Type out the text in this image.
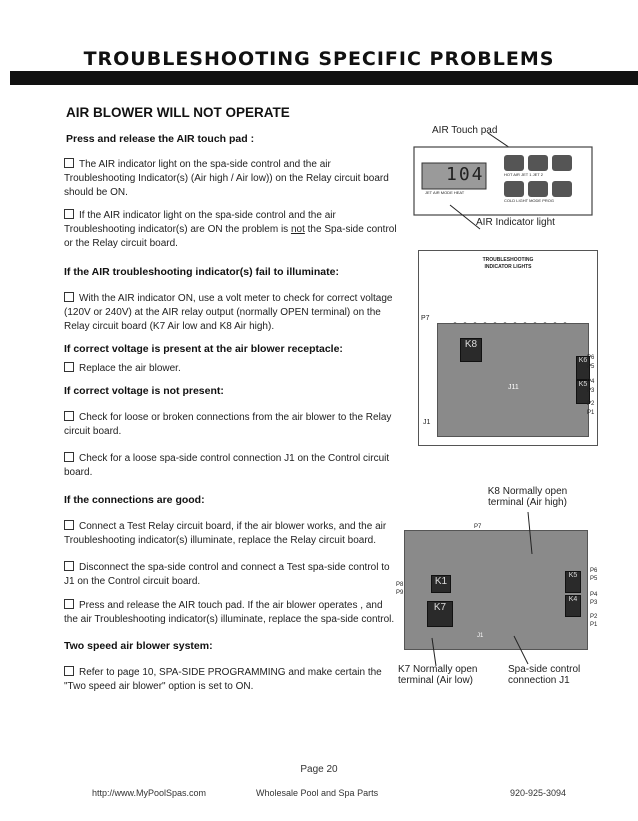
TROUBLESHOOTING SPECIFIC PROBLEMS
AIR BLOWER WILL NOT OPERATE
Press and release the AIR touch pad :
The AIR indicator light on the spa-side control and the air Troubleshooting Indicator(s) (Air high / Air low)) on the Relay circuit board should be ON.
If the AIR indicator light on the spa-side control and the air Troubleshooting indicator(s) are ON the problem is not the Spa-side control or the Relay circuit board.
If the AIR troubleshooting indicator(s) fail to illuminate:
With the AIR indicator ON, use a volt meter to check for correct voltage (120V or 240V) at the AIR relay output (normally OPEN terminal) on the Relay circuit board (K7 Air low and K8 Air high).
If correct voltage is present at the air blower receptacle:
Replace the air blower.
If correct voltage is not present:
Check for loose or broken connections from the air blower to the Relay circuit board.
Check for a loose spa-side control connection J1 on the Control circuit board.
If the connections are good:
Connect a Test Relay circuit board, if the air blower works, and the air Troubleshooting indicator(s) illuminate, replace the Relay circuit board.
Disconnect the spa-side control and connect a Test spa-side control to J1 on the Control circuit board.
Press and release the AIR touch pad. If the air blower operates , and the air Troubleshooting indicator(s) illuminate, replace the spa-side control.
Two speed air blower system:
Refer to page 10, SPA-SIDE PROGRAMMING and make certain the "Two speed air blower" option is set to ON.
AIR Touch pad
104	HOT AIR JET 1 JET 2
JET AIR MODE HEAT
COLD LIGHT MODE PROG
AIR Indicator light
TROUBLESHOOTING
INDICATOR LIGHTS
K8
K6
K5
J11
P7
J1
P6
P5
P4
P3
P2
P1
K8 Normally open terminal (Air high)
K1
K7
K5
K4
J1
P7
P8
P9
P6
P5
P4
P3
P2
P1
K7 Normally open terminal (Air low)
Spa-side control connection J1
Page 20
http://www.MyPoolSpas.com	Wholesale Pool and Spa Parts	920-925-3094
